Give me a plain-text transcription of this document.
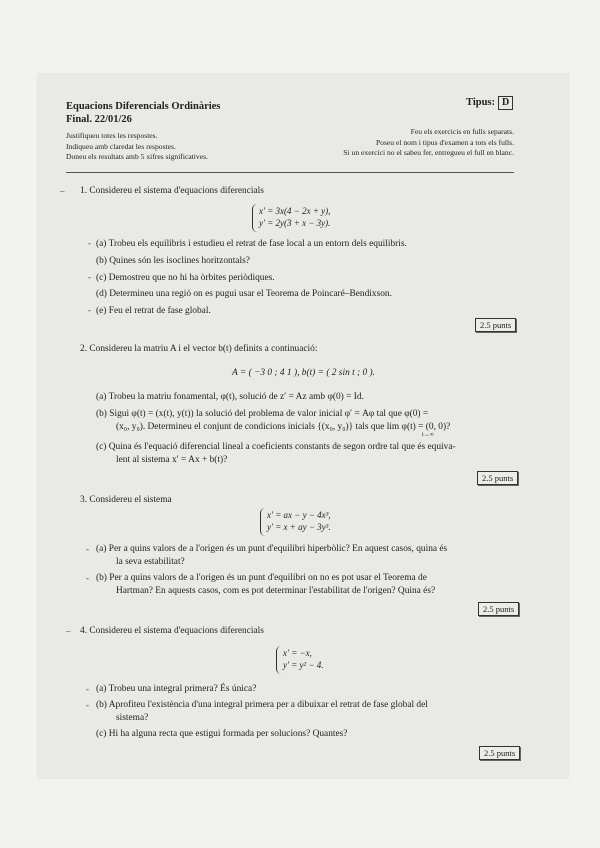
Equacions Diferencials Ordinàries
Final. 22/01/26
Tipus: D
Justifiqueu totes les respostes.
Indiqueu amb claredat les respostes.
Doneu els resultats amb 5 xifres significatives.
Feu els exercicis en fulls separats.
Poseu el nom i tipus d'examen a tots els fulls.
Si un exercici no el sabeu fer, entregueu el full en blanc.
– 1. Considereu el sistema d'equacions diferencials
x′ = 3x(4 − 2x + y),
y′ = 2y(3 + x − 3y).
(a) Trobeu els equilibris i estudieu el retrat de fase local a un entorn dels equilibris.
(b) Quines són les isoclines horitzontals?
(c) Demostreu que no hi ha òrbites periòdiques.
(d) Determineu una regió on es pugui usar el Teorema de Poincaré–Bendixson.
(e) Feu el retrat de fase global.
-
-
-
2.5 punts
2. Considereu la matriu A i el vector b(t) definits a continuació:
A = ( −3 0 ; 4 1 ), b(t) = ( 2 sin t ; 0 ).
(a) Trobeu la matriu fonamental, φ(t), solució de z′ = Az amb φ(0) = Id.
(b) Sigui φ(t) = (x(t), y(t)) la solució del problema de valor inicial φ′ = Aφ tal que φ(0) =
(x₀, y₀). Determineu el conjunt de condicions inicials {(x₀, y₀)} tals que lim φ(t) = (0, 0)?
t→∞
(c) Quina és l'equació diferencial lineal a coeficients constants de segon ordre tal que és equiva-
lent al sistema x′ = Ax + b(t)?
2.5 punts
3. Considereu el sistema
x′ = ax − y − 4x³,
y′ = x + ay − 3y³.
- (a) Per a quins valors de a l'origen és un punt d'equilibri hiperbòlic? En aquest casos, quina és
la seva estabilitat?
- (b) Per a quins valors de a l'origen és un punt d'equilibri on no es pot usar el Teorema de
Hartman? En aquests casos, com es pot determinar l'estabilitat de l'origen? Quina és?
2.5 punts
– 4. Considereu el sistema d'equacions diferencials
x′ = −x,
y′ = y² − 4.
- (a) Trobeu una integral primera? És única?
- (b) Aprofiteu l'existència d'una integral primera per a dibuixar el retrat de fase global del
sistema?
(c) Hi ha alguna recta que estigui formada per solucions? Quantes?
2.5 punts
